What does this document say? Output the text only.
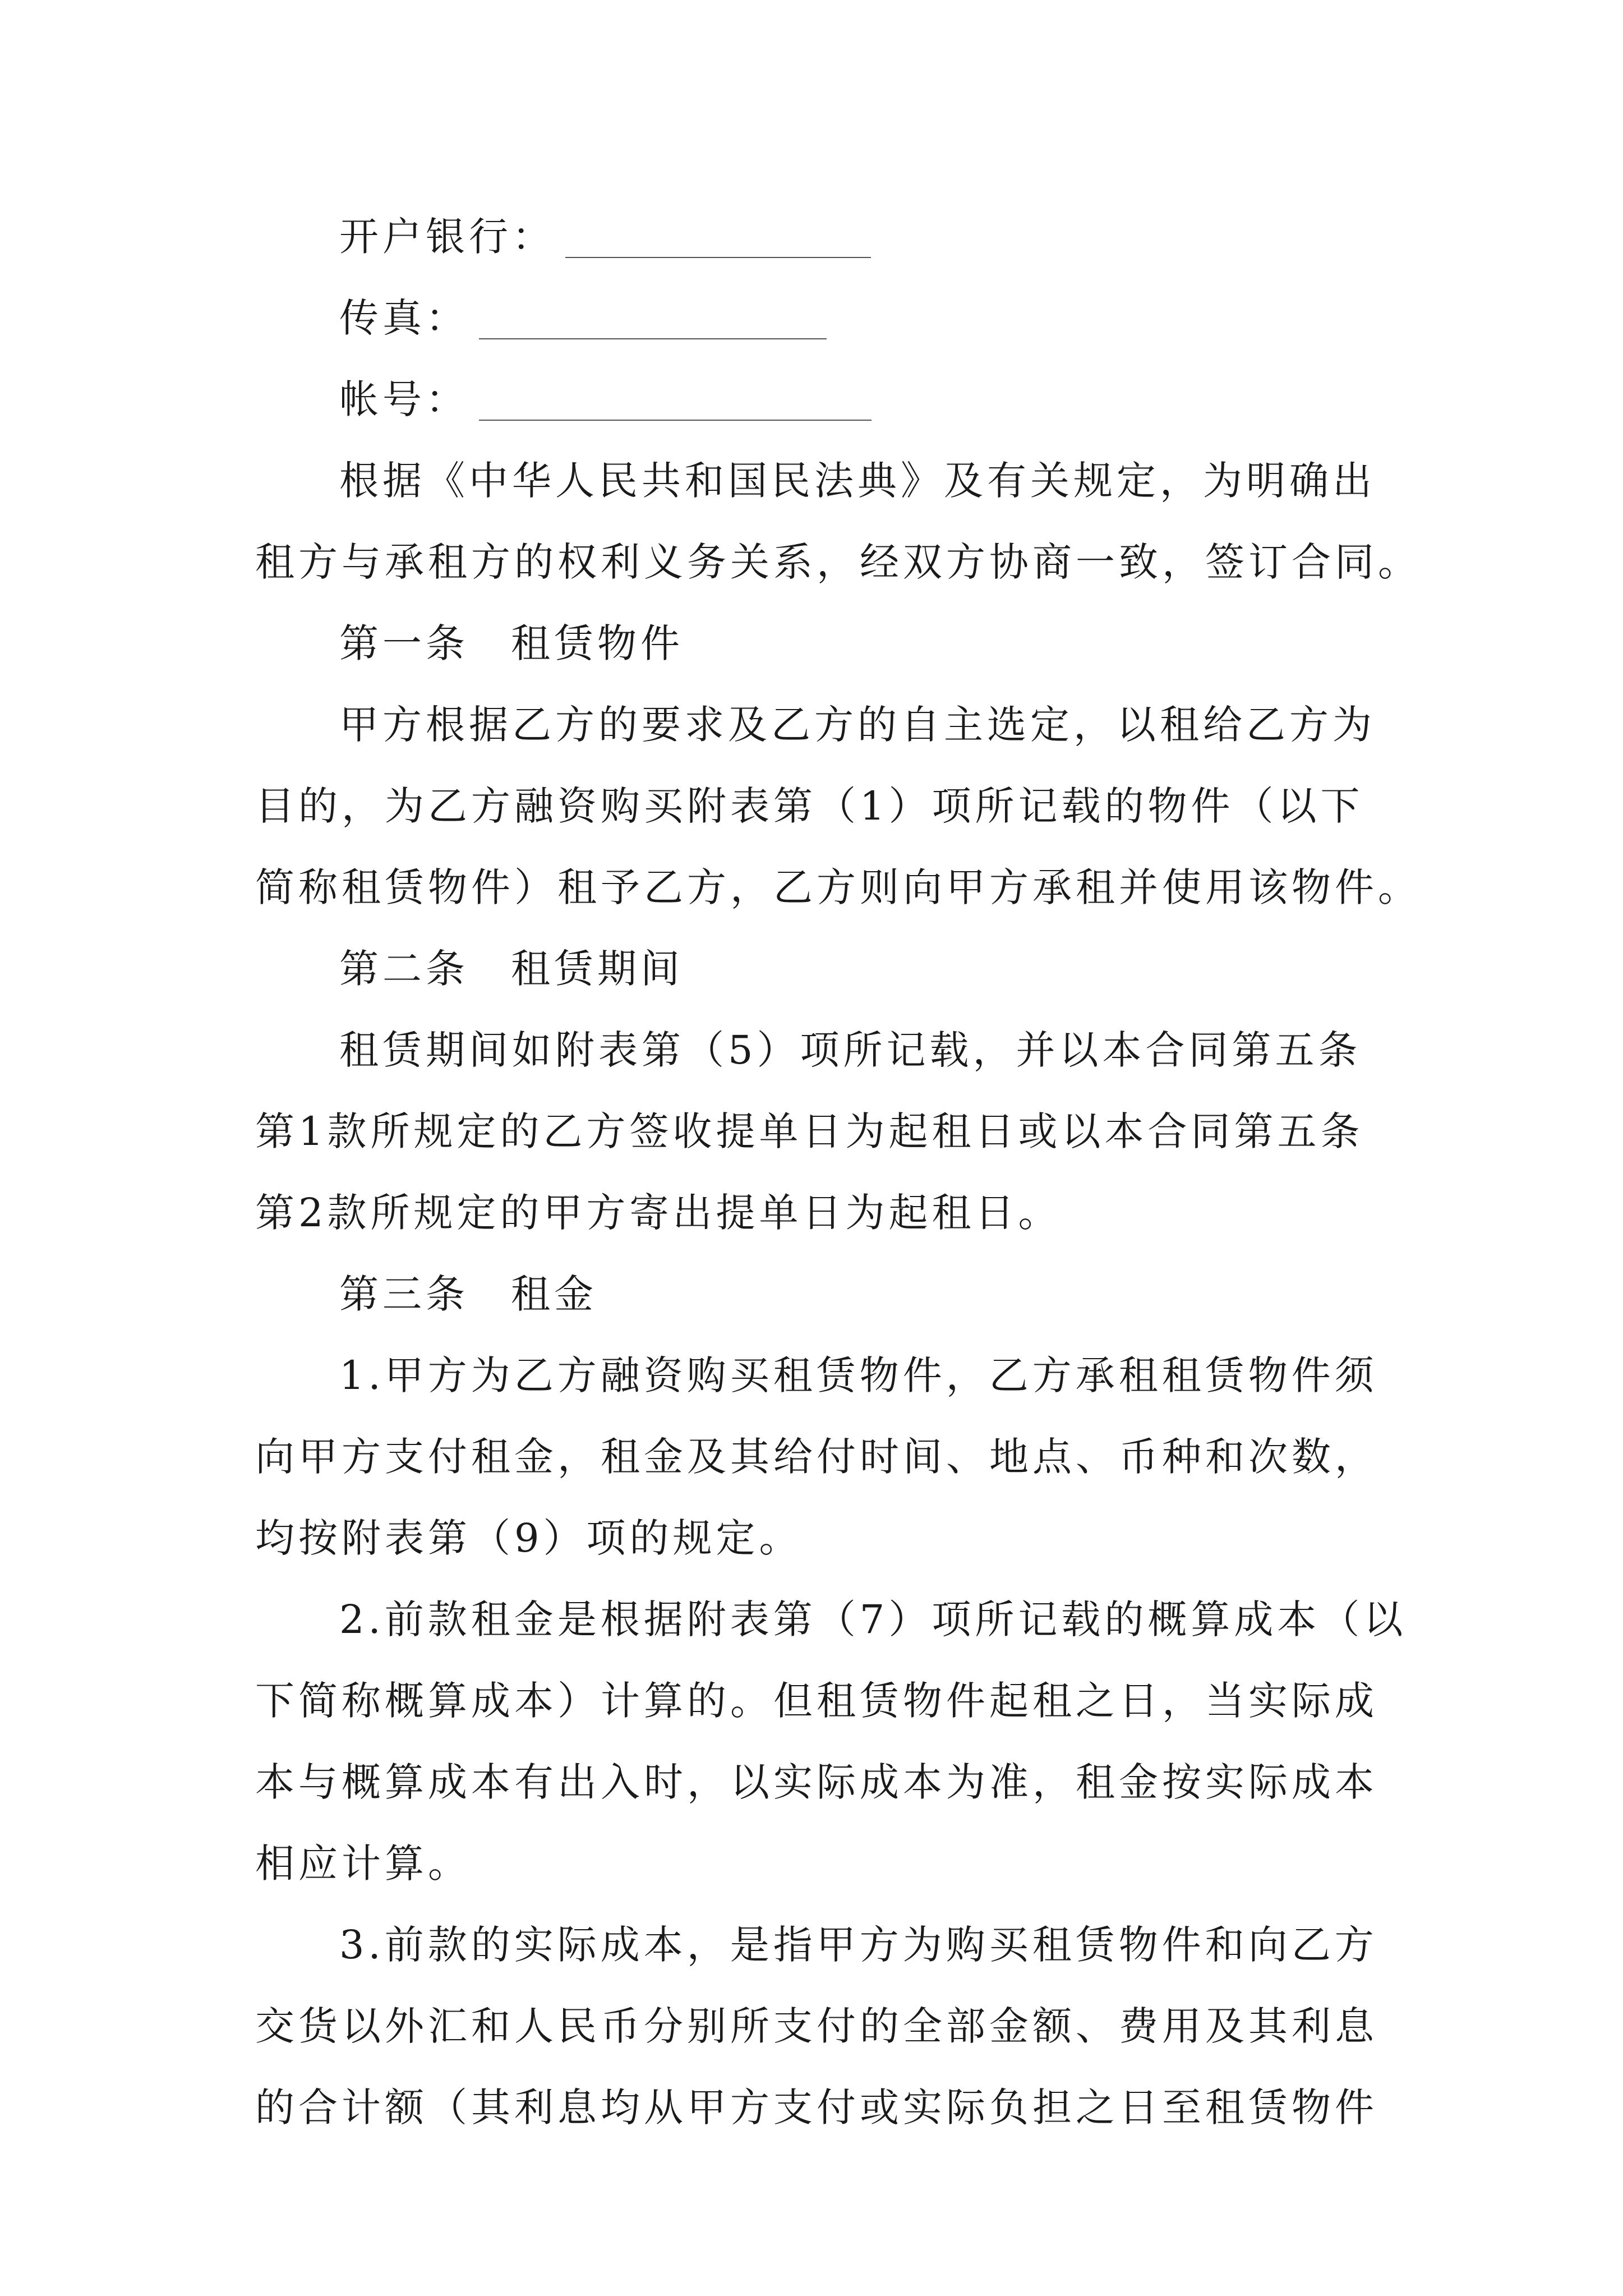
开户银行：
传真：
帐号：
根据《中华人民共和国民法典》及有关规定，为明确出
租方与承租方的权利义务关系，经双方协商一致，签订合同。
第一条 租赁物件
甲方根据乙方的要求及乙方的自主选定，以租给乙方为
目的，为乙方融资购买附表第（1）项所记载的物件（以下
简称租赁物件）租予乙方，乙方则向甲方承租并使用该物件。
第二条 租赁期间
租赁期间如附表第（5）项所记载，并以本合同第五条
第1款所规定的乙方签收提单日为起租日或以本合同第五条
第2款所规定的甲方寄出提单日为起租日。
第三条 租金
1.甲方为乙方融资购买租赁物件，乙方承租租赁物件须
向甲方支付租金，租金及其给付时间、地点、币种和次数，
均按附表第（9）项的规定。
2.前款租金是根据附表第（7）项所记载的概算成本（以
下简称概算成本）计算的。但租赁物件起租之日，当实际成
本与概算成本有出入时，以实际成本为准，租金按实际成本
相应计算。
3.前款的实际成本，是指甲方为购买租赁物件和向乙方
交货以外汇和人民币分别所支付的全部金额、费用及其利息
的合计额（其利息均从甲方支付或实际负担之日至租赁物件
